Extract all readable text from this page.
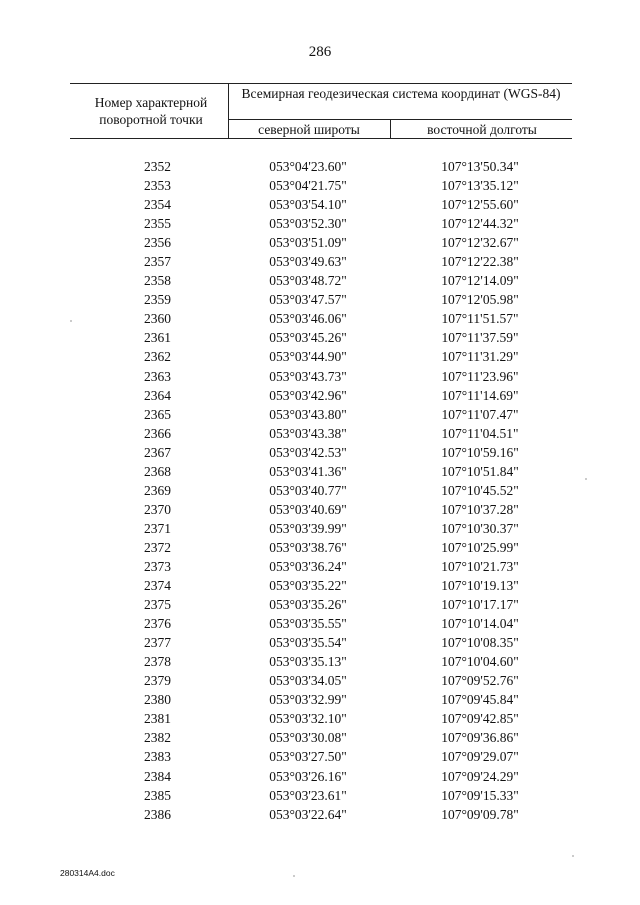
286
Номер характерной поворотной точки
Всемирная геодезическая система координат (WGS-84)
северной широты	восточной долготы
2352	053°04'23.60"	107°13'50.34"
2353	053°04'21.75"	107°13'35.12"
2354	053°03'54.10"	107°12'55.60"
2355	053°03'52.30"	107°12'44.32"
2356	053°03'51.09"	107°12'32.67"
2357	053°03'49.63"	107°12'22.38"
2358	053°03'48.72"	107°12'14.09"
2359	053°03'47.57"	107°12'05.98"
2360	053°03'46.06"	107°11'51.57"
2361	053°03'45.26"	107°11'37.59"
2362	053°03'44.90"	107°11'31.29"
2363	053°03'43.73"	107°11'23.96"
2364	053°03'42.96"	107°11'14.69"
2365	053°03'43.80"	107°11'07.47"
2366	053°03'43.38"	107°11'04.51"
2367	053°03'42.53"	107°10'59.16"
2368	053°03'41.36"	107°10'51.84"
2369	053°03'40.77"	107°10'45.52"
2370	053°03'40.69"	107°10'37.28"
2371	053°03'39.99"	107°10'30.37"
2372	053°03'38.76"	107°10'25.99"
2373	053°03'36.24"	107°10'21.73"
2374	053°03'35.22"	107°10'19.13"
2375	053°03'35.26"	107°10'17.17"
2376	053°03'35.55"	107°10'14.04"
2377	053°03'35.54"	107°10'08.35"
2378	053°03'35.13"	107°10'04.60"
2379	053°03'34.05"	107°09'52.76"
2380	053°03'32.99"	107°09'45.84"
2381	053°03'32.10"	107°09'42.85"
2382	053°03'30.08"	107°09'36.86"
2383	053°03'27.50"	107°09'29.07"
2384	053°03'26.16"	107°09'24.29"
2385	053°03'23.61"	107°09'15.33"
2386	053°03'22.64"	107°09'09.78"
280314A4.doc
